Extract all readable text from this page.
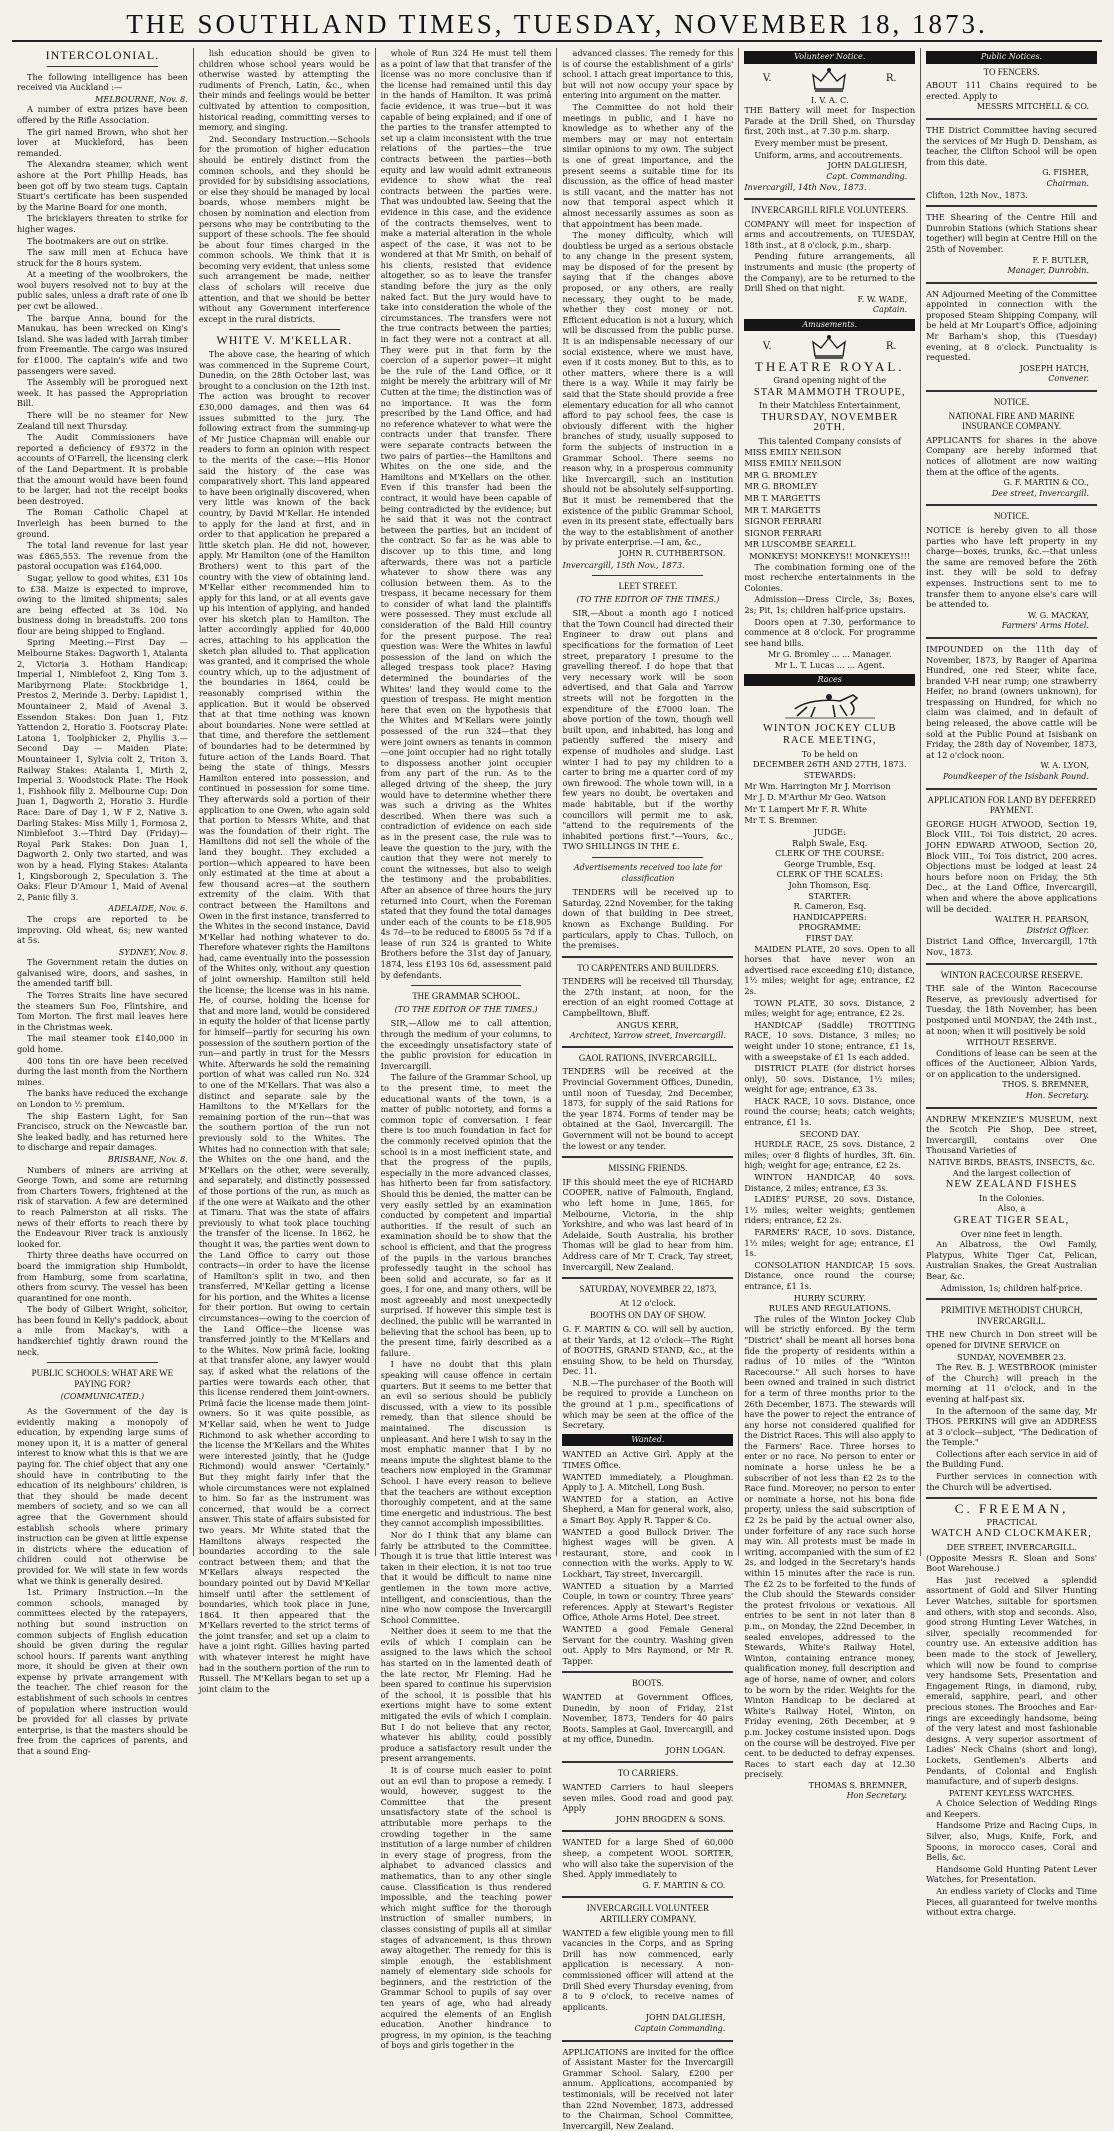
THE SOUTHLAND TIMES, TUESDAY, NOVEMBER 18, 1873.
INTERCOLONIAL.

The following intelligence has been received via Auckland :—

MELBOURNE, Nov. 8.

A number of extra prizes have been offered by the Rifle Association.

The girl named Brown, who shot her lover at Muckleford, has been remanded.

The Alexandra steamer, which went ashore at the Port Phillip Heads, has been got off by two steam tugs. Captain Stuart's certificate has been suspended by the Marine Board for one month.

The bricklayers threaten to strike for higher wages.

The bootmakers are out on strike.

The saw mill men at Echuca have struck for the 8 hours system.

At a meeting of the woolbrokers, the wool buyers resolved not to buy at the public sales, unless a draft rate of one lb per cwt be allowed.

The barque Anna, bound for the Manukau, has been wrecked on King's Island. She was laded with Jarrah timber from Freemantle. The cargo was insured for £1000. The captain's wife and two passengers were saved.

The Assembly will be prorogued next week. It has passed the Appropriation Bill.

There will be no steamer for New Zealand till next Thursday.

The Audit Commissioners have reported a deficiency of £9372 in the accounts of O'Farrell, the licensing clerk of the Land Department. It is probable that the amount would have been found to be larger, had not the receipt books been destroyed.

The Roman Catholic Chapel at Inverleigh has been burned to the ground.

The total land revenue for last year was £865,553. The revenue from the pastoral occupation was £164,000.

Sugar, yellow to good whites, £31 10s to £38. Maize is expected to improve, owing to the limited shipments; sales are being effected at 3s 10d. No business doing in breadstuffs. 200 tons flour are being shipped to England.

Spring Meeting.—First Day — Melbourne Stakes: Dagworth 1, Atalanta 2, Victoria 3. Hotham Handicap: Imperial 1, Nimblefoot 2, King Tom 3. Maribyrnong Plate: Stockbridge 1, Prestos 2, Merinde 3. Derby: Lapidist 1, Mountaineer 2, Maid of Avenal 3. Essendon Stakes: Don Juan 1, Fitz Yattendon 2, Horatio 3. Footscray Plate: Latona 1, Toolphicker 2, Phyllis 3.—Second Day — Maiden Plate: Mountaineer 1, Sylvia colt 2, Triton 3. Railway Stakes: Atalanta 1, Mirth 2, Imperial 3. Woodstock Plate: The Hook 1, Fishhook filly 2. Melbourne Cup: Don Juan 1, Dagworth 2, Horatio 3. Hurdle Race: Dare of Day 1, W F 2, Native 3. Darling Stakes: Miss Milly 1, Formosa 2, Nimblefoot 3.—Third Day (Friday)—Royal Park Stakes: Don Juan 1, Dagworth 2. Only two started, and was won by a head. Flying Stakes: Atalanta 1, Kingsborough 2, Speculation 3. The Oaks: Fleur D'Amour 1, Maid of Avenal 2, Panic filly 3.

ADELAIDE, Nov. 6.

The crops are reported to be improving. Old wheat, 6s; new wanted at 5s.

SYDNEY, Nov. 8.

The Government retain the duties on galvanised wire, doors, and sashes, in the amended tariff bill.

The Torres Straits line have secured the steamers Sun Foo, Flintshire, and Tom Morton. The first mail leaves here in the Christmas week.

The mail steamer took £140,000 in gold home.

400 tons tin ore have been received during the last month from the Northern mines.

The banks have reduced the exchange on London to ½ premium.

The ship Eastern Light, for San Francisco, struck on the Newcastle bar. She leaked badly, and has returned here to discharge and repair damages.

BRISBANE, Nov. 8.

Numbers of miners are arriving at George Town, and some are returning from Charters Towers, frightened at the risk of starvation. A few are determined to reach Palmerston at all risks. The news of their efforts to reach there by the Endeavour River track is anxiously looked for.

Thirty three deaths have occurred on board the immigration ship Humboldt, from Hamburg, some from scarlatina, others from scurvy. The vessel has been quarantined for one month.

The body of Gilbert Wright, solicitor, has been found in Kelly's paddock, about a mile from Mackay's, with a handkerchief tightly drawn round the neck.

PUBLIC SCHOOLS: WHAT ARE WE PAYING FOR?
(COMMUNICATED.)

As the Government of the day is evidently making a monopoly of education, by expending large sums of money upon it, it is a matter of general interest to know what this is that we are paying for. The chief object that any one should have in contributing to the education of its neighbours' children, is that they should be made decent members of society, and so we can all agree that the Government should establish schools where primary instruction can be given at little expense in districts where the education of children could not otherwise be provided for. We will state in few words what we think is generally desired.

1st. Primary Instruction.—In the common schools, managed by committees elected by the ratepayers, nothing but sound instruction on common subjects of English education should be given during the regular school hours. If parents want anything more, it should be given at their own expense by private arrangement with the teacher. The chief reason for the establishment of such schools in centres of population where instruction would be provided for all classes by private enterprise, is that the masters should be free from the caprices of parents, and that a sound Eng-

lish education should be given to children whose school years would be otherwise wasted by attempting the rudiments of French, Latin, &c., when their minds and feelings would be better cultivated by attention to composition, historical reading, committing verses to memory, and singing.

2nd. Secondary Instruction.—Schools for the promotion of higher education should be entirely distinct from the common schools, and they should be provided for by subsidising associations, or else they should be managed by local boards, whose members might be chosen by nomination and election from persons who may be contributing to the support of these schools. The fee should be about four times charged in the common schools. We think that it is becoming very evident, that unless some such arrangement be made, neither class of scholars will receive due attention, and that we should be better without any Government interference except in the rural districts.

WHITE V. M'KELLAR.

The above case, the hearing of which was commenced in the Supreme Court, Dunedin, on the 28th October last, was brought to a conclusion on the 12th inst. The action was brought to recover £30,000 damages, and then was 64 issues submitted to the jury. The following extract from the summing-up of Mr Justice Chapman will enable our readers to form an opinion with respect to the merits of the case:—His Honor said the history of the case was comparatively short. This land appeared to have been originally discovered, when very little was known of the back country, by David M'Kellar. He intended to apply for the land at first, and in order to that application he prepared a little sketch plan. He did not, however, apply. Mr Hamilton (one of the Hamilton Brothers) went to this part of the country with the view of obtaining land. M'Kellar either recommended him to apply for this land, or at all events gave up his intention of applying, and handed over his sketch plan to Hamilton. The latter accordingly applied for 40,000 acres, attaching to his application the sketch plan alluded to. That application was granted, and it comprised the whole country which, up to the adjustment of the boundaries in 1864, could be reasonably comprised within the application. But it would be observed that at that time nothing was known about boundaries. None were settled at that time, and therefore the settlement of boundaries had to be determined by future action of the Lands Board. That being the state of things, Messrs Hamilton entered into possession, and continued in possession for some time. They afterwards sold a portion of their application to one Owen, who again sold that portion to Messrs White, and that was the foundation of their right. The Hamiltons did not sell the whole of the land they bought. They excluded a portion—which appeared to have been only estimated at the time at about a few thousand acres—at the southern extremity of the claim. With that contract between the Hamiltons and Owen in the first instance, transferred to the Whites in the second instance, David M'Kellar had nothing whatever to do. Therefore whatever rights the Hamiltons had, came eventually into the possession of the Whites only, without any question of joint ownership. Hamilton still held the license; the license was in his name. He, of course, holding the license for that and more land, would be considered in equity the holder of that license partly for himself—partly for securing his own possession of the southern portion of the run—and partly in trust for the Messrs White. Afterwards he sold the remaining portion of what was called run No. 324 to one of the M'Kellars. That was also a distinct and separate sale by the Hamiltons to the M'Kellars for the remaining portion of the run—that was the southern portion of the run not previously sold to the Whites. The Whites had no connection with that sale; the Whites on the one hand, and the M'Kellars on the other, were severally, and separately, and distinctly possessed of those portions of the run, as much as if the one were at Waikato and the other at Timaru. That was the state of affairs previously to what took place touching the transfer of the license. In 1862, he thought it was, the parties went down to the Land Office to carry out those contracts—in order to have the license of Hamilton's split in two, and then transferred, M'Kellar getting a license for his portion, and the Whites a license for their portion. But owing to certain circumstances—owing to the coercion of the Land Office—the license was transferred jointly to the M'Kellars and to the Whites. Now primâ facie, looking at that transfer alone, any lawyer would say, if asked what the relations of the parties were towards each other, that this license rendered them joint-owners. Primâ facie the license made them joint-owners. So it was quite possible, as M'Kellar said, when he went to Judge Richmond to ask whether according to the license the M'Kellars and the Whites were interested jointly, that he (Judge Richmond) would answer "Certainly." But they might fairly infer that the whole circumstances were not explained to him. So far as the instrument was concerned, that would be a correct answer. This state of affairs subsisted for two years. Mr White stated that the Hamiltons always respected the boundaries according to the sale contract between them; and that the M'Kellars always respected the boundary pointed out by David M'Kellar himself until after the settlement of boundaries, which took place in June, 1864. It then appeared that the M'Kellars reverted to the strict terms of the joint transfer, and set up a claim to have a joint right. Gillies having parted with whatever interest he might have had in the southern portion of the run to Russell. The M'Kellars began to set up a joint claim to the

whole of Run 324 He must tell them as a point of law that that transfer of the license was no more conclusive than if the license had remained until this day in the hands of Hamilton. It was primâ facie evidence, it was true—but it was capable of being explained; and if one of the parties to the transfer attempted to set up a claim inconsistent with the true relations of the parties—the true contracts between the parties—both equity and law would admit extraneous evidence to show what the real contracts between the parties were. That was undoubted law. Seeing that the evidence in this case, and the evidence of the contracts themselves, went to make a material alteration in the whole aspect of the case, it was not to be wondered at that Mr Smith, on behalf of his clients, resisted that evidence altogether, so as to leave the transfer standing before the jury as the only naked fact. But the jury would have to take into consideration the whole of the circumstances. The transfers were not the true contracts between the parties; in fact they were not a contract at all. They were put in that form by the coercion of a superior power—it might be the rule of the Land Office, or it might be merely the arbitrary will of Mr Cutten at the time; the distinction was of no importance. It was the form prescribed by the Land Office, and had no reference whatever to what were the contracts under that transfer. There were separate contracts between the two pairs of parties—the Hamiltons and Whites on the one side, and the Hamiltons and M'Kellars on the other. Even if this transfer had been the contract, it would have been capable of being contradicted by the evidence; but he said that it was not the contract between the parties, but an incident of the contract. So far as he was able to discover up to this time, and long afterwards, there was not a particle whatever to show there was any collusion between them. As to the trespass, it became necessary for them to consider of what land the plaintiffs were possessed. They must exclude all consideration of the Bald Hill country for the present purpose. The real question was: Were the Whites in lawful possession of the land on which the alleged trespass took place? Having determined the boundaries of the Whites' land they would come to the question of trespass. He might mention here that even on the hypothesis that the Whites and M'Kellars were jointly possessed of the run 324—that they were joint owners as tenants in common—one joint occupier had no right totally to dispossess another joint occupier from any part of the run. As to the alleged driving of the sheep, the jury would have to determine whether there was such a driving as the Whites described. When there was such a contradiction of evidence on each side as in the present case, the rule was to leave the question to the jury, with the caution that they were not merely to count the witnesses, but also to weigh the testimony and the probabilities. After an absence of three hours the jury returned into Court, when the Foreman stated that they found the total damages under each of the counts to be £18,905 4s 7d—to be reduced to £8005 5s 7d if a lease of run 324 is granted to White Brothers before the 31st day of January, 1874, less £193 10s 6d, assessment paid by defendants.

THE GRAMMAR SCHOOL.
(TO THE EDITOR OF THE TIMES.)

SIR,—Allow me to call attention, through the medium of your columns, to the exceedingly unsatisfactory state of the public provision for education in Invercargill.

The failure of the Grammar School, up to the present time, to meet the educational wants of the town, is a matter of public notoriety, and forms a common topic of conversation. I fear there is too much foundation in fact for the commonly received opinion that the school is in a most inefficient state, and that the progress of the pupils, especially in the more advanced classes, has hitherto been far from satisfactory. Should this be denied, the matter can be very easily settled by an examination conducted by competent and impartial authorities. If the result of such an examination should be to show that the school is efficient, and that the progress of the pupils in the various branches professedly taught in the school has been solid and accurate, so far as it goes, I for one, and many others, will be most agreeably and most unexpectedly surprised. If however this simple test is declined, the public will be warranted in believing that the school has been, up to the present time, fairly described as a failure.

I have no doubt that this plain speaking will cause offence in certain quarters. But it seems to me better that an evil so serious should be publicly discussed, with a view to its possible remedy, than that silence should be maintained. The discussion is unpleasant. And here I wish to say in the most emphatic manner that I by no means impute the slightest blame to the teachers now employed in the Grammar School. I have every reason to believe that the teachers are without exception thoroughly competent, and at the same time energetic and industrious. The best they cannot accomplish impossibilities.

Nor do I think that any blame can fairly be attributed to the Committee. Though it is true that little interest was taken in their election, it is not too true that it would be difficult to name nine gentlemen in the town more active, intelligent, and conscientious, than the nine who now compose the Invercargill School Committee.

Neither does it seem to me that the evils of which I complain can be assigned to the laws which the school has started on in the lamented death of the late rector, Mr Fleming. Had he been spared to continue his supervision of the school, it is possible that his exertions might have to some extent mitigated the evils of which I complain. But I do not believe that any rector, whatever his ability, could possibly produce a satisfactory result under the present arrangements.

It is of course much easier to point out an evil than to propose a remedy. I would, however, suggest to the Committee that the present unsatisfactory state of the school is attributable more perhaps to the crowding together in the same institution of a large number of children in every stage of progress, from the alphabet to advanced classics and mathematics, than to any other single cause. Classification is thus rendered impossible, and the teaching power which might suffice for the thorough instruction of smaller numbers, in classes consisting of pupils all at similar stages of advancement, is thus thrown away altogether. The remedy for this is simple enough, the establishment namely of elementary side schools for beginners, and the restriction of the Grammar School to pupils of say over ten years of age, who had already acquired the elements of an English education. Another hindrance to progress, in my opinion, is the teaching of boys and girls together in the

advanced classes. The remedy for this is of course the establishment of a girls' school. I attach great importance to this, but will not now occupy your space by entering into argument on the matter.

The Committee do not hold their meetings in public, and I have no knowledge as to whether any of the members may or may not entertain similar opinions to my own. The subject is one of great importance, and the present seems a suitable time for its discussion, as the office of head master is still vacant, and the matter has not now that temporal aspect which it almost necessarily assumes as soon as that appointment has been made.

The money difficulty, which will doubtless be urged as a serious obstacle to any change in the present system, may be disposed of for the present by saying that if the changes above proposed, or any others, are really necessary, they ought to be made, whether they cost money or not. Efficient education is not a luxury, which will be discussed from the public purse. It is an indispensable necessary of our social existence, where we must have, even if it costs money. But to this, as to other matters, where there is a will there is a way. While it may fairly be said that the State should provide a free elementary education for all who cannot afford to pay school fees, the case is obviously different with the higher branches of study, usually supposed to form the subjects of instruction in a Grammar School. There seems no reason why, in a prosperous community like Invercargill, such an institution should not be absolutely self-supporting. But it must be remembered that the existence of the public Grammar School, even in its present state, effectually bars the way to the establishment of another by private enterprise.—I am, &c.,

JOHN R. CUTHBERTSON.

Invercargill, 15th Nov., 1873.

LEET STREET.
(TO THE EDITOR OF THE TIMES.)

SIR,—About a month ago I noticed that the Town Council had directed their Engineer to draw out plans and specifications for the formation of Leet street, preparatory I presume to the gravelling thereof. I do hope that that very necessary work will be soon advertised, and that Gala and Yarrow streets will not be forgotten in the expenditure of the £7000 loan. The above portion of the town, though well built upon, and inhabited, has long and patiently suffered the misery and expense of mudholes and sludge. Last winter I had to pay my children to a carter to bring me a quarter cord of my own firewood. The whole town will, in a few years no doubt, be overtaken and made habitable, but if the worthy councillors will permit me to ask, "attend to the requirements of the inhabited portions first."—Yours, &c., TWO SHILLINGS IN THE £.

Advertisements received too late for classification

TENDERS will be received up to Saturday, 22nd November, for the taking down of that building in Dee street, known as Exchange Building. For particulars, apply to Chas. Tulloch, on the premises.

TO CARPENTERS AND BUILDERS.

TENDERS will be received till Thursday, the 27th instant, at noon, for the erection of an eight roomed Cottage at Campbelltown, Bluff.

ANGUS KERR,
Architect, Yarrow street, Invercargill.
GAOL RATIONS, INVERCARGILL.

TENDERS will be received at the Provincial Government Offices, Dunedin, until noon of Tuesday, 2nd December, 1873, for supply of the said Rations for the year 1874. Forms of tender may be obtained at the Gaol, Invercargill. The Government will not be bound to accept the lowest or any tender.

MISSING FRIENDS.

IF this should meet the eye of RICHARD COOPER, native of Falmouth, England, who left home in June, 1865, for Melbourne, Victoria, in the ship Yorkshire, and who was last heard of in Adelaide, South Australia, his brother Thomas will be glad to hear from him. Address care of Mr T. Crack, Tay street, Invercargill, New Zealand.

SATURDAY, NOVEMBER 22, 1873,
At 12 o'clock.
BOOTHS ON DAY OF SHOW.

G. F. MARTIN & CO. will sell by auction, at their Yards, at 12 o'clock—The Right of BOOTHS, GRAND STAND, &c., at the ensuing Show, to be held on Thursday, Dec. 11.

N.B.—The purchaser of the Booth will be required to provide a Luncheon on the ground at 1 p.m., specifications of which may be seen at the office of the Secretary.

Wanted.

WANTED an Active Girl. Apply at the TIMES Office.

WANTED immediately, a Ploughman. Apply to J. A. Mitchell, Long Bush.

WANTED for a station, an Active Shepherd, a Man for general work, also, a Smart Boy. Apply R. Tapper & Co.

WANTED a good Bullock Driver. The highest wages will be given. A restaurant, store, and cook in connection with the works. Apply to W. Lockhart, Tay street, Invercargill.

WANTED a situation by a Married Couple, in town or country. Three years' references. Apply at Stewart's Register Office, Athole Arms Hotel, Dee street.

WANTED a good Female General Servant for the country. Washing given out. Apply to Mrs Raymond, or Mr R. Tapper.

BOOTS.

WANTED at Government Offices, Dunedin, by noon of Friday, 21st November, 1873, Tenders for 40 pairs Boots. Samples at Gaol, Invercargill, and at my office, Dunedin.

JOHN LOGAN.
TO CARRIERS.

WANTED Carriers to haul sleepers seven miles. Good road and good pay. Apply

JOHN BROGDEN & SONS.

WANTED for a large Shed of 60,000 sheep, a competent WOOL SORTER, who will also take the supervision of the Shed. Apply immediately to

G. F. MARTIN & CO.
INVERCARGILL VOLUNTEER ARTILLERY COMPANY.

WANTED a few eligible young men to fill vacancies in the Corps, and as Spring Drill has now commenced, early application is necessary. A non-commissioned officer will attend at the Drill Shed every Thursday evening, from 8 to 9 o'clock, to receive names of applicants.

JOHN DALGLIESH,
Captain Commanding.

APPLICATIONS are invited for the office of Assistant Master for the Invercargill Grammar School. Salary, £200 per annum. Applications, accompanied by testimonials, will be received not later than 22nd November, 1873, addressed to the Chairman, School Committee, Invercargill, New Zealand.

Volunteer Notice.
V.	R.
I. V. A. C.

THE Battery will meet for Inspection Parade at the Drill Shed, on Thursday first, 20th inst., at 7.30 p.m. sharp.

Every member must be present.

Uniform, arms, and accoutrements.

JOHN DALGLIESH,
Capt. Commanding.

Invercargill, 14th Nov., 1873.

INVERCARGILL RIFLE VOLUNTEERS.

COMPANY will meet for inspection of arms and accoutrements, on TUESDAY, 18th inst., at 8 o'clock, p.m., sharp.

Pending future arrangements, all instruments and music (the property of the Company), are to be returned to the Drill Shed on that night.

F. W. WADE,
Captain.
Amusements.
V.	R.
THEATRE ROYAL.
Grand opening night of the
STAR MAMMOTH TROUPE,
In their Matchless Entertainment,
THURSDAY, NOVEMBER 20TH.
This talented Company consists of

MISS EMILY NEILSON

MISS EMILY NEILSON

MR G. BROMLEY

MR G. BROMLEY

MR T. MARGETTS

MR T. MARGETTS

SIGNOR FERRARI

SIGNOR FERRARI

MR LUSCOMBE SEARELL

MONKEYS! MONKEYS!! MONKEYS!!!

The combination forming one of the most recherche entertainments in the Colonies.

Admission—Dress Circle, 3s; Boxes, 2s; Pit, 1s; children half-price upstairs.

Doors open at 7.30, performance to commence at 8 o'clock. For programme see hand bills.

Mr G. Bromley ... ... Manager.
Mr L. T. Lucas ... ... Agent.
Races
WINTON JOCKEY CLUB
RACE MEETING,
To be held on
DECEMBER 26TH AND 27TH, 1873.
STEWARDS:

Mr Wm. Harrington Mr J. Morrison

Mr J. D. M'Arthur Mr Geo. Watson

Mr T. Lampert Mr F. R. White

Mr T. S. Bremner.

JUDGE:
Ralph Swale, Esq.
CLERK OF THE COURSE:
George Trumble, Esq.
CLERK OF THE SCALES:
John Thomson, Esq.
STARTER:
R. Cameron, Esq.
HANDICAPPERS:
PROGRAMME:
FIRST DAY.

MAIDEN PLATE, 20 sovs. Open to all horses that have never won an advertised race exceeding £10; distance, 1½ miles; weight for age; entrance, £2 2s.

TOWN PLATE, 30 sovs. Distance, 2 miles; weight for age; entrance, £2 2s.

HANDICAP (Saddle) TROTTING RACE, 10 sovs. Distance, 3 miles; no weight under 10 stone; entrance, £1 1s, with a sweepstake of £1 1s each added.

DISTRICT PLATE (for district horses only), 50 sovs. Distance, 1½ miles; weight for age; entrance, £3 3s.

HACK RACE, 10 sovs. Distance, once round the course; heats; catch weights; entrance, £1 1s.

SECOND DAY.

HURDLE RACE, 25 sovs. Distance, 2 miles; over 8 flights of hurdles, 3ft. 6in. high; weight for age; entrance, £2 2s.

WINTON HANDICAP, 40 sovs. Distance, 2 miles; entrance, £3 3s.

LADIES' PURSE, 20 sovs. Distance, 1½ miles; welter weights; gentlemen riders; entrance, £2 2s.

FARMERS' RACE, 10 sovs. Distance, 1½ miles; weight for age; entrance, £1 1s.

CONSOLATION HANDICAP, 15 sovs. Distance, once round the course; entrance, £1 1s.

HURRY SCURRY.
RULES AND REGULATIONS.

The rules of the Winton Jockey Club will be strictly enforced. By the term "District" shall be meant all horses bona fide the property of residents within a radius of 10 miles of the "Winton Racecourse." All such horses to have been owned and trained in such district for a term of three months prior to the 26th December, 1873. The stewards will have the power to reject the entrance of any horse not considered qualified for the District Races. This will also apply to the Farmers' Race. Three horses to enter or no race. No person to enter or nominate a horse unless he be a subscriber of not less than £2 2s to the Race fund. Moreover, no person to enter or nominate a horse, not his bona fide property, unless the said subscription of £2 2s be paid by the actual owner also, under forfeiture of any race such horse may win. All protests must be made in writing, accompanied with the sum of £2 2s, and lodged in the Secretary's hands within 15 minutes after the race is run. The £2 2s to be forfeited to the funds of the Club should the Stewards consider the protest frivolous or vexatious. All entries to be sent in not later than 8 p.m., on Monday, the 22nd December, in sealed envelopes, addressed to the Stewards, White's Railway Hotel, Winton, containing entrance money, qualification money, full description and age of horse, name of owner, and colors to be worn by the rider. Weights for the Winton Handicap to be declared at White's Railway Hotel, Winton, on Friday evening, 26th December, at 9 p.m. Jockey costume insisted upon. Dogs on the course will be destroyed. Five per cent. to be deducted to defray expenses. Races to start each day at 12.30 precisely.

THOMAS S. BREMNER,
Hon Secretary.
Public Notices.
TO FENCERS.

ABOUT 111 Chains required to be erected. Apply to

MESSRS MITCHELL & CO.

THE District Committee having secured the services of Mr Hugh D. Densham, as teacher, the Clifton School will be open from this date.

G. FISHER,
Chairman.

Clifton, 12th Nov., 1873.

THE Shearing of the Centre Hill and Dunrobin Stations (which Stations shear together) will begin at Centre Hill on the 25th of November.

F. F. BUTLER,
Manager, Dunrobin.

AN Adjourned Meeting of the Committee appointed in connection with the proposed Steam Shipping Company, will be held at Mr Loupart's Office, adjoining Mr Barham's shop, this (Tuesday) evening, at 8 o'clock. Punctuality is requested.

JOSEPH HATCH,
Convener.
NOTICE.
NATIONAL FIRE AND MARINE INSURANCE COMPANY.

APPLICANTS for shares in the above Company are hereby informed that notices of allotment are now waiting them at the office of the agents.

G. F. MARTIN & CO.,
Dee street, Invercargill.
NOTICE.

NOTICE is hereby given to all those parties who have left property in my charge—boxes, trunks, &c.—that unless the same are removed before the 26th inst. they will be sold to defray expenses. Instructions sent to me to transfer them to anyone else's care will be attended to.

W. G. MACKAY,
Farmers' Arms Hotel.

IMPOUNDED on the 11th day of November, 1873, by Ranger of Aparima Hundred, one red Steer, white face, branded V-H near rump; one strawberry Heifer, no brand (owners unknown), for trespassing on Hundred, for which no claim was claimed, and in default of being released, the above cattle will be sold at the Public Pound at Isisbank on Friday, the 28th day of November, 1873, at 12 o'clock noon.

W. A. LYON,
Poundkeeper of the Isisbank Pound.
APPLICATION FOR LAND BY DEFERRED PAYMENT.

GEORGE HUGH ATWOOD, Section 19, Block VIII., Toi Tois district, 20 acres. JOHN EDWARD ATWOOD, Section 20, Block VIII., Toi Tois district, 200 acres. Objections must be lodged at least 24 hours before noon on Friday, the 5th Dec., at the Land Office, Invercargill, when and where the above applications will be decided.

WALTER H. PEARSON,
District Officer.

District Land Office, Invercargill, 17th Nov., 1873.

WINTON RACECOURSE RESERVE.

THE sale of the Winton Racecourse Reserve, as previously advertised for Tuesday, the 18th November, has been postponed until MONDAY, the 24th inst., at noon; when it will positively be sold

WITHOUT RESERVE.

Conditions of lease can be seen at the offices of the Auctioneer, Albion Yards, or on application to the undersigned.

THOS. S. BREMNER,
Hon. Secretary.

ANDREW M'KENZIE'S MUSEUM, next the Scotch Pie Shop, Dee street, Invercargill, contains over One Thousand Varieties of

NATIVE BIRDS, BEASTS, INSECTS, &c.
And the largest collection of
NEW ZEALAND FISHES
In the Colonies.
Also, a
GREAT TIGER SEAL,
Over nine feet in length.

An Albatross, the Owl Family, Platypus, White Tiger Cat, Pelican, Australian Snakes, the Great Australian Bear, &c.

Admission, 1s; children half-price.
PRIMITIVE METHODIST CHURCH, INVERCARGILL.

THE new Church in Don street will be opened for DIVINE SERVICE on

SUNDAY, NOVEMBER 23.

The Rev. B. J. WESTBROOK (minister of the Church) will preach in the morning at 11 o'clock, and in the evening at half-past six.

In the afternoon of the same day, Mr THOS. PERKINS will give an ADDRESS at 3 o'clock—subject, "The Dedication of the Temple."

Collections after each service in aid of the Building Fund.

Further services in connection with the Church will be advertised.

C. FREEMAN,
PRACTICAL
WATCH AND CLOCKMAKER,
DEE STREET, INVERCARGILL.

(Opposite Messrs R. Sloan and Sons' Boot Warehouse.)

Has just received a splendid assortment of Gold and Silver Hunting Lever Watches, suitable for sportsmen and others, with stop and seconds. Also, good strong Hunting Lever Watches, in silver, specially recommended for country use. An extensive addition has been made to the stock of Jewellery, which will now be found to comprise very handsome Sets, Presentation and Engagement Rings, in diamond, ruby, emerald, sapphire, pearl, and other precious stones. The Brooches and Ear-rings are exceedingly handsome, being of the very latest and most fashionable designs. A very superior assortment of Ladies' Neck Chains (short and long), Lockets, Gentlemen's Alberts and Pendants, of Colonial and English manufacture, and of superb designs.

PATENT KEYLESS WATCHES.

A Choice Selection of Wedding Rings and Keepers.

Handsome Prize and Racing Cups, in Silver, also, Mugs, Knife, Fork, and Spoons, in morocco cases, Coral and Bells, &c.

Handsome Gold Hunting Patent Lever Watches, for Presentation.

An endless variety of Clocks and Time Pieces, all guaranteed for twelve months without extra charge.
